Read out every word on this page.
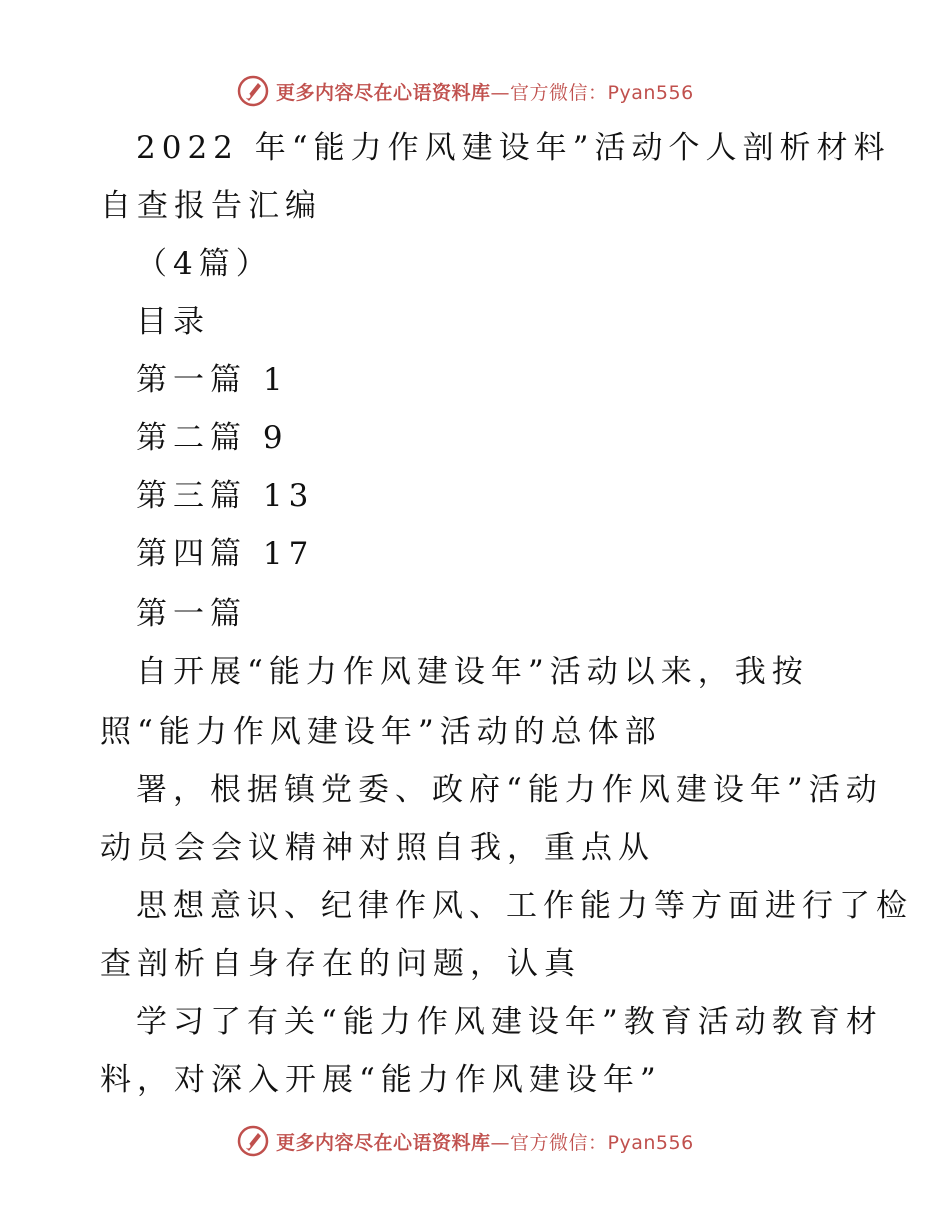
更多内容尽在心语资料库 —官方微信：Pyan556
2022 年“能力作风建设年”活动个人剖析材料
自查报告汇编
（4篇）
目录
第一篇 1
第二篇 9
第三篇 13
第四篇 17
第一篇
自开展“能力作风建设年”活动以来，我按
照“能力作风建设年”活动的总体部
署，根据镇党委、政府“能力作风建设年”活动
动员会会议精神对照自我，重点从
思想意识、纪律作风、工作能力等方面进行了检
查剖析自身存在的问题，认真
学习了有关“能力作风建设年”教育活动教育材
料，对深入开展“能力作风建设年”
更多内容尽在心语资料库 —官方微信：Pyan556
